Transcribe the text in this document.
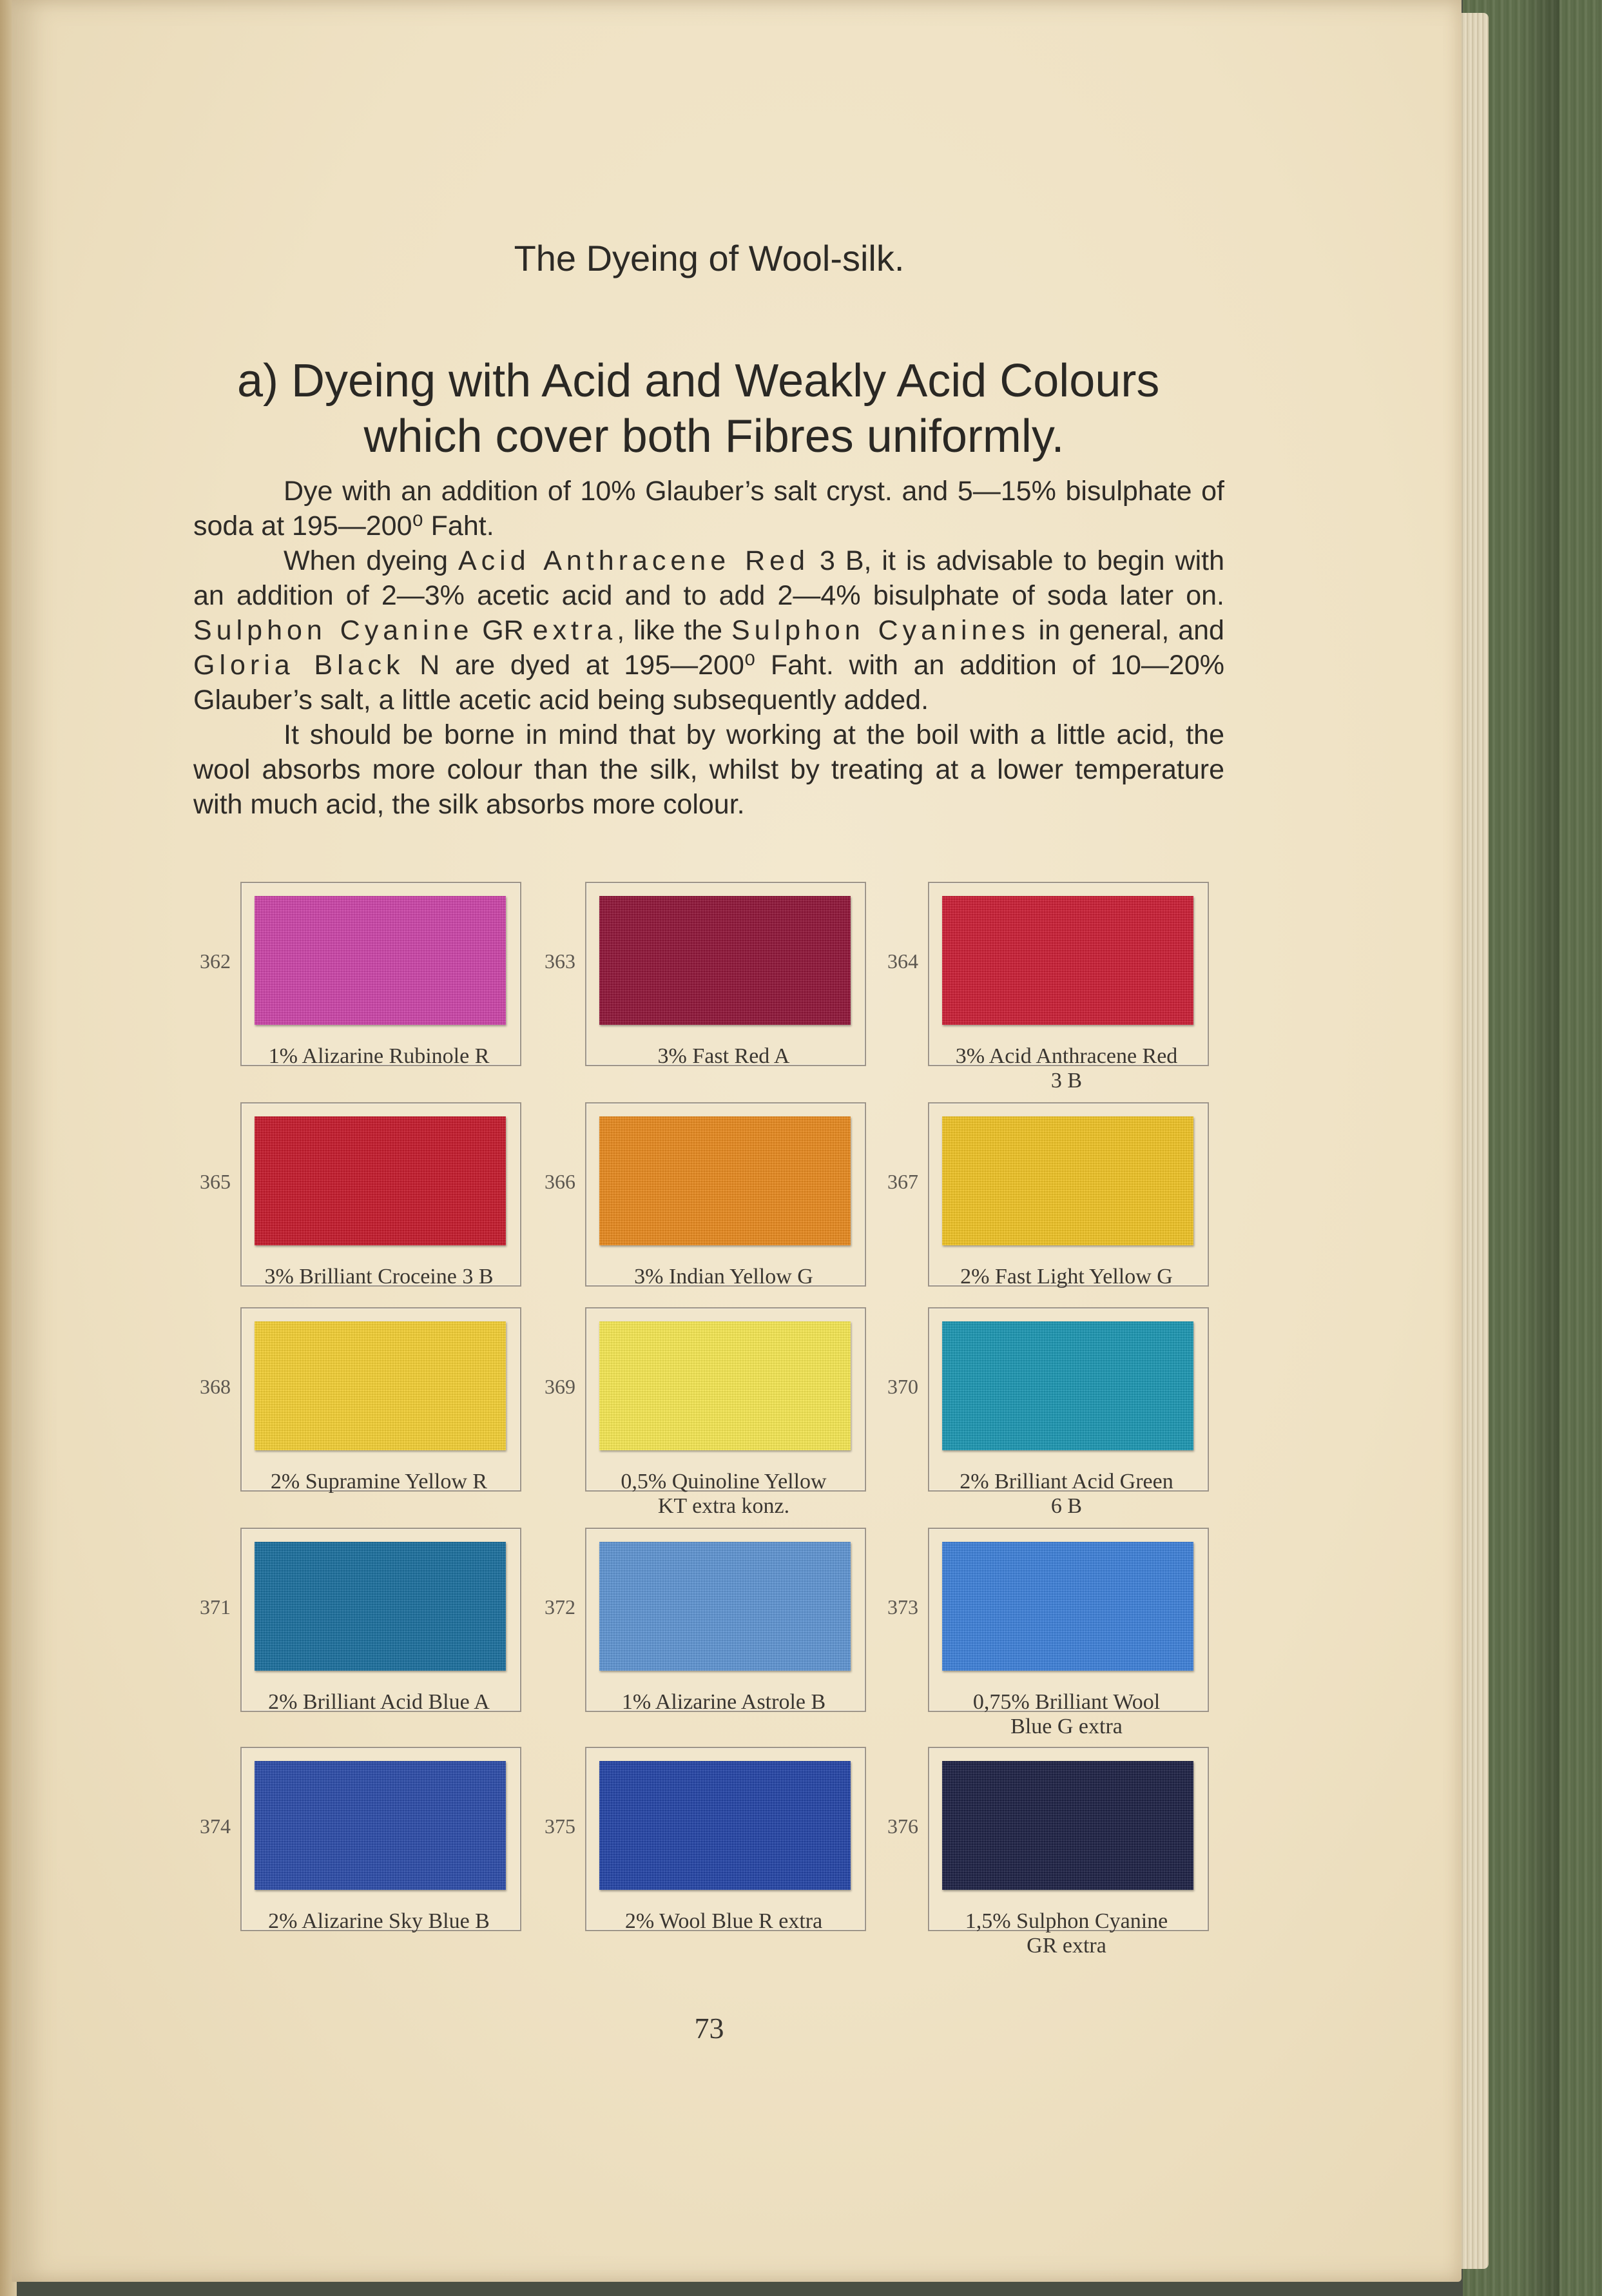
The Dyeing of Wool-silk.
a) Dyeing with Acid and Weakly Acid Colours
which cover both Fibres uniformly.

Dye with an addition of 10% Glauber’s salt cryst. and 5—15% bisulphate of soda at 195—200⁰ Faht.

When dyeing Acid Anthracene Red 3 B, it is advisable to begin with an addition of 2—3% acetic acid and to add 2—4% bisulphate of soda later on. Sulphon Cyanine GR extra, like the Sulphon Cyanines in general, and Gloria Black N are dyed at 195—200⁰ Faht. with an addition of 10—20% Glauber’s salt, a little acetic acid being subsequently added.

It should be borne in mind that by working at the boil with a little acid, the wool absorbs more colour than the silk, whilst by treating at a lower temperature with much acid, the silk absorbs more colour.

362
1% Alizarine Rubinole R
363
3% Fast Red A
364
3% Acid Anthracene Red
3 B
365
3% Brilliant Croceine 3 B
366
3% Indian Yellow G
367
2% Fast Light Yellow G
368
2% Supramine Yellow R
369
0,5% Quinoline Yellow
KT extra konz.
370
2% Brilliant Acid Green
6 B
371
2% Brilliant Acid Blue A
372
1% Alizarine Astrole B
373
0,75% Brilliant Wool
Blue G extra
374
2% Alizarine Sky Blue B
375
2% Wool Blue R extra
376
1,5% Sulphon Cyanine
GR extra
73
